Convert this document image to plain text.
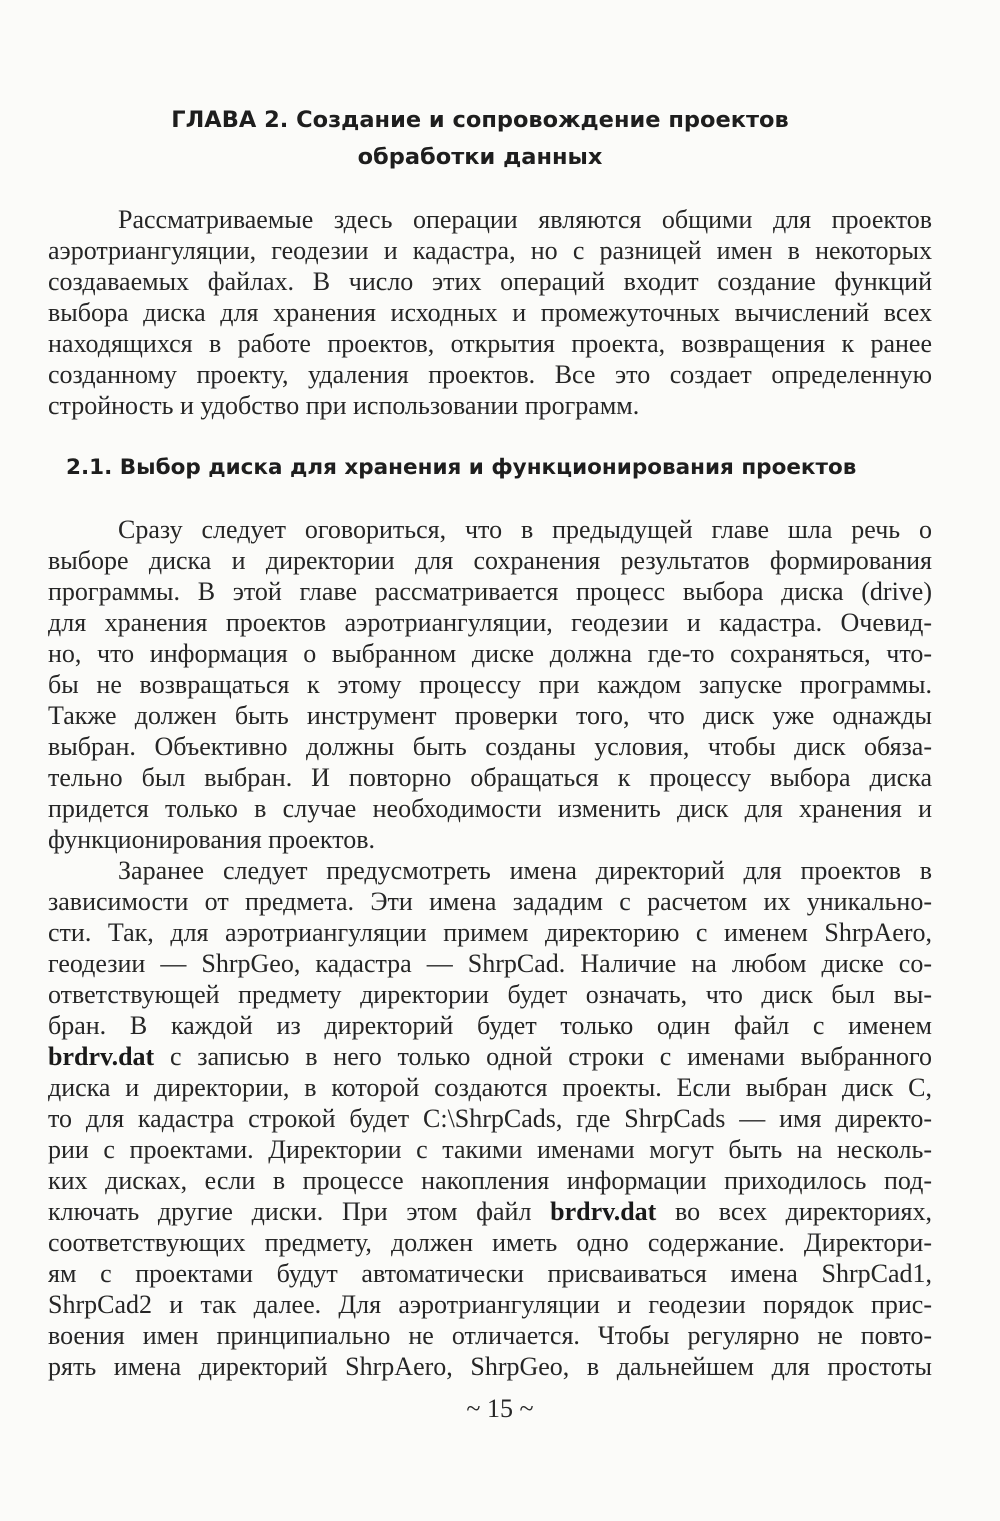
ГЛАВА 2. Создание и сопровождение проектов
обработки данных
Рассматриваемые здесь операции являются общими для проектов
аэротриангуляции, геодезии и кадастра, но с разницей имен в некоторых
создаваемых файлах. В число этих операций входит создание функций
выбора диска для хранения исходных и промежуточных вычислений всех
находящихся в работе проектов, открытия проекта, возвращения к ранее
созданному проекту, удаления проектов. Все это создает определенную
стройность и удобство при использовании программ.
2.1. Выбор диска для хранения и функционирования проектов
Сразу следует оговориться, что в предыдущей главе шла речь о
выборе диска и директории для сохранения результатов формирования
программы. В этой главе рассматривается процесс выбора диска (drive)
для хранения проектов аэротриангуляции, геодезии и кадастра. Очевид-
но, что информация о выбранном диске должна где-то сохраняться, что-
бы не возвращаться к этому процессу при каждом запуске программы.
Также должен быть инструмент проверки того, что диск уже однажды
выбран. Объективно должны быть созданы условия, чтобы диск обяза-
тельно был выбран. И повторно обращаться к процессу выбора диска
придется только в случае необходимости изменить диск для хранения и
функционирования проектов.
Заранее следует предусмотреть имена директорий для проектов в
зависимости от предмета. Эти имена зададим с расчетом их уникально-
сти. Так, для аэротриангуляции примем директорию с именем ShrpAero,
геодезии — ShrpGeo, кадастра — ShrpCad. Наличие на любом диске со-
ответствующей предмету директории будет означать, что диск был вы-
бран. В каждой из директорий будет только один файл с именем
brdrv.dat с записью в него только одной строки с именами выбранного
диска и директории, в которой создаются проекты. Если выбран диск С,
то для кадастра строкой будет C:\ShrpCads, где ShrpCads — имя директо-
рии с проектами. Директории с такими именами могут быть на несколь-
ких дисках, если в процессе накопления информации приходилось под-
ключать другие диски. При этом файл brdrv.dat во всех директориях,
соответствующих предмету, должен иметь одно содержание. Директори-
ям с проектами будут автоматически присваиваться имена ShrpCad1,
ShrpCad2 и так далее. Для аэротриангуляции и геодезии порядок прис-
воения имен принципиально не отличается. Чтобы регулярно не повто-
рять имена директорий ShrpAero, ShrpGeo, в дальнейшем для простоты
~ 15 ~
